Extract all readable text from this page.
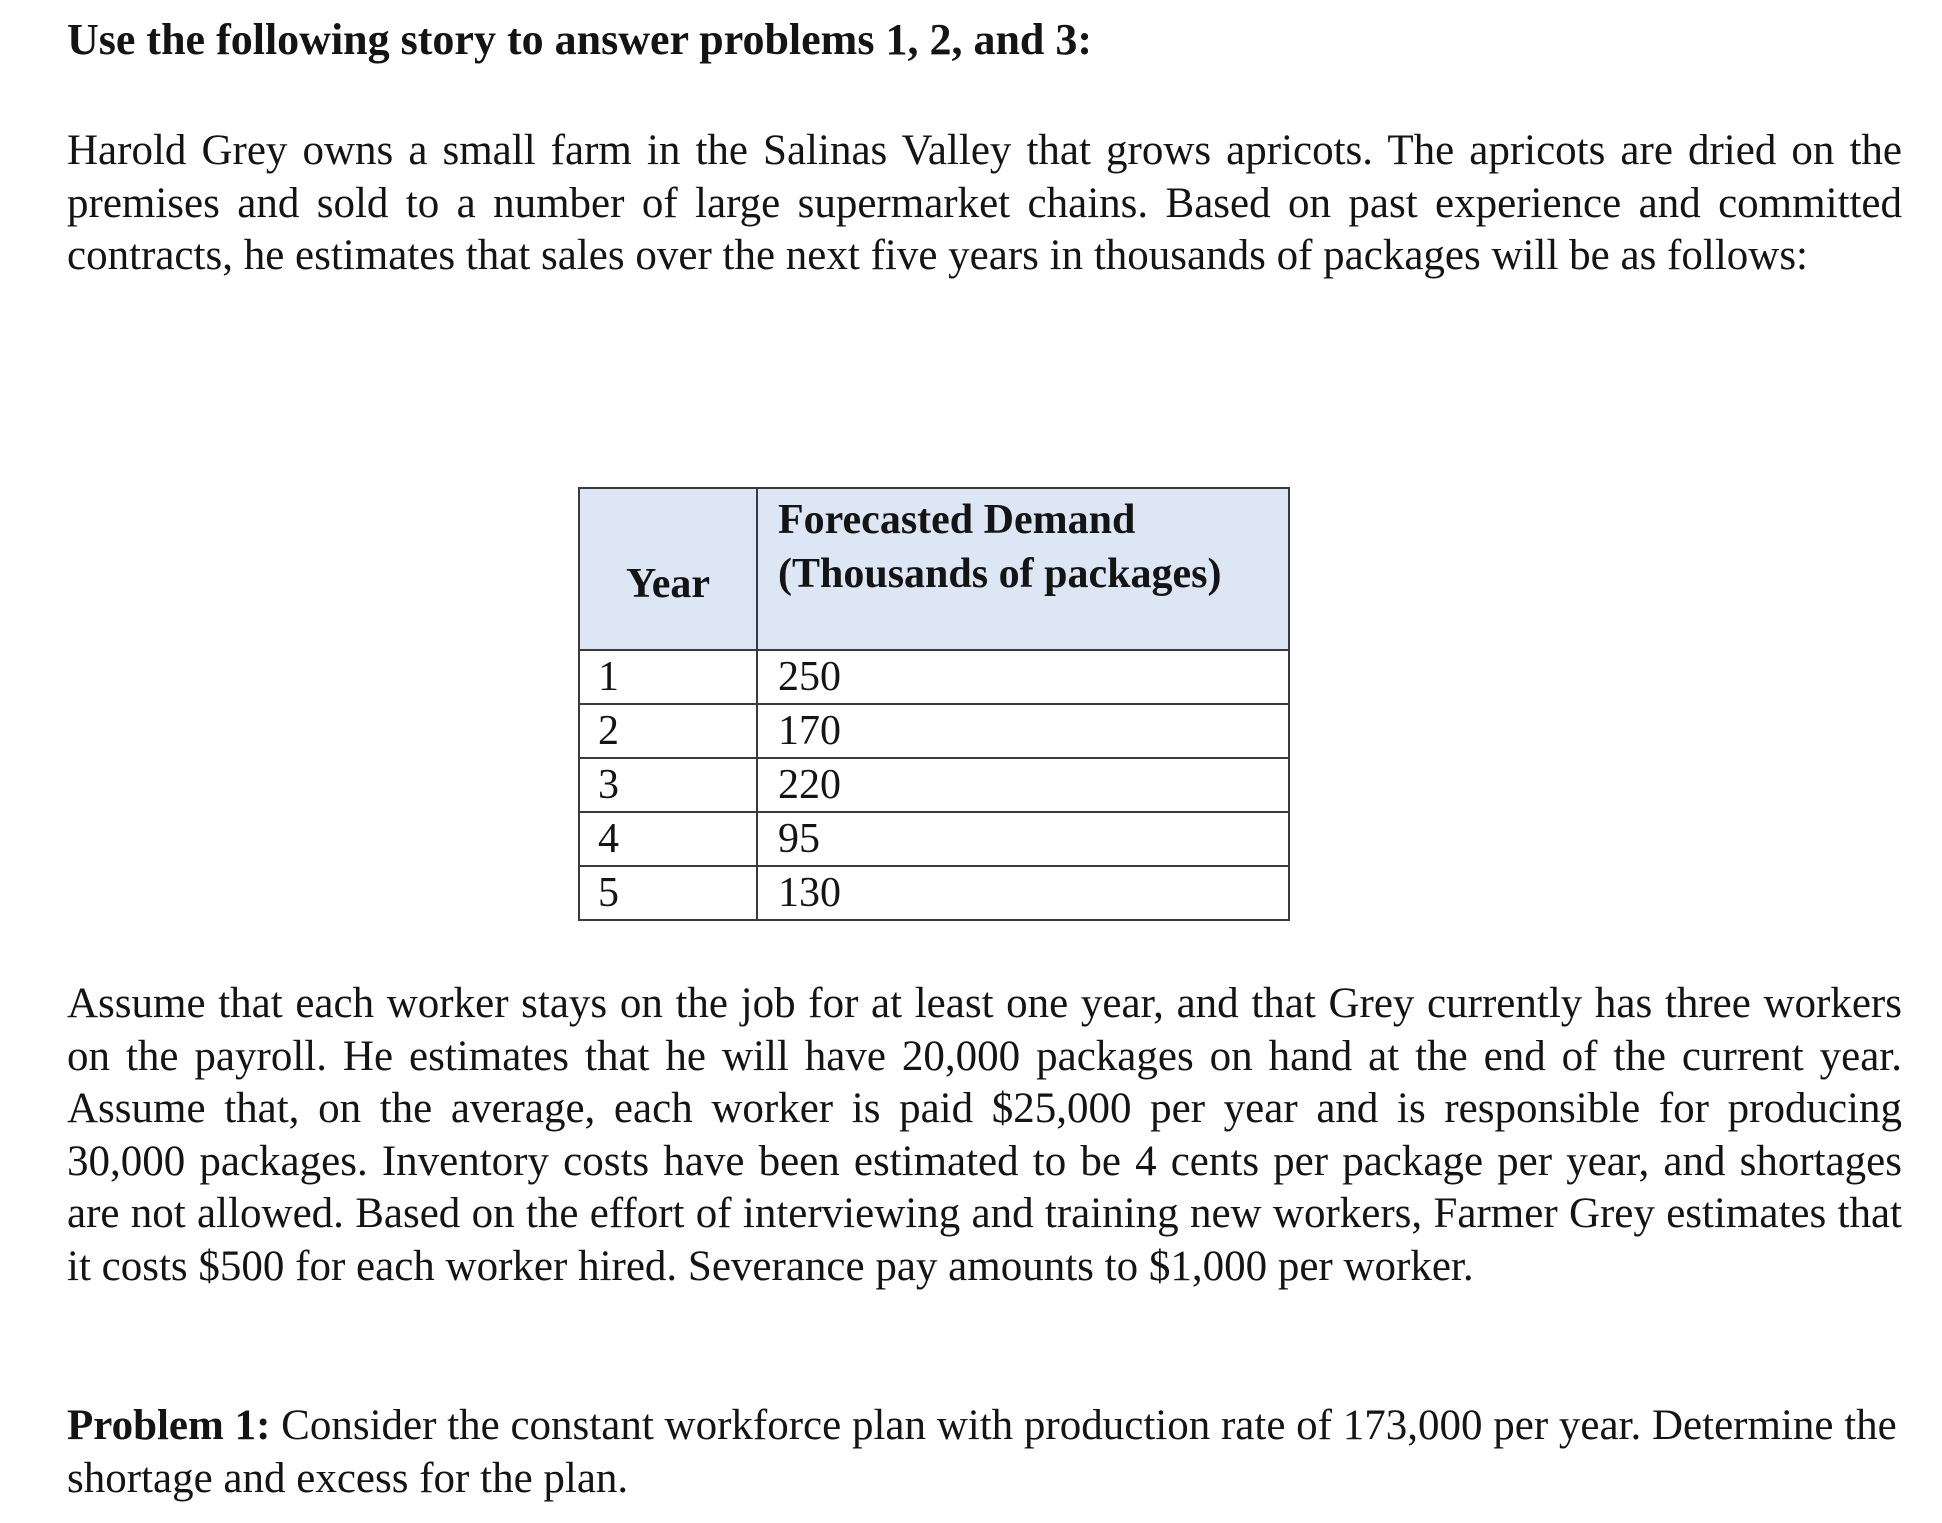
Use the following story to answer problems 1, 2, and 3:

Harold Grey owns a small farm in the Salinas Valley that grows apricots. The apricots are dried on the premises and sold to a number of large supermarket chains. Based on past experience and committed contracts, he estimates that sales over the next five years in thousands of packages will be as follows:

Year	Forecasted Demand
(Thousands of packages)

1	250
2	170
3	220
4	95
5	130

Assume that each worker stays on the job for at least one year, and that Grey currently has three workers on the payroll. He estimates that he will have 20,000 packages on hand at the end of the current year. Assume that, on the average, each worker is paid $25,000 per year and is responsible for producing 30,000 packages. Inventory costs have been estimated to be 4 cents per package per year, and shortages are not allowed. Based on the effort of interviewing and training new workers, Farmer Grey estimates that it costs $500 for each worker hired. Severance pay amounts to $1,000 per worker.

Problem 1: Consider the constant workforce plan with production rate of 173,000 per year. Determine the shortage and excess for the plan.
